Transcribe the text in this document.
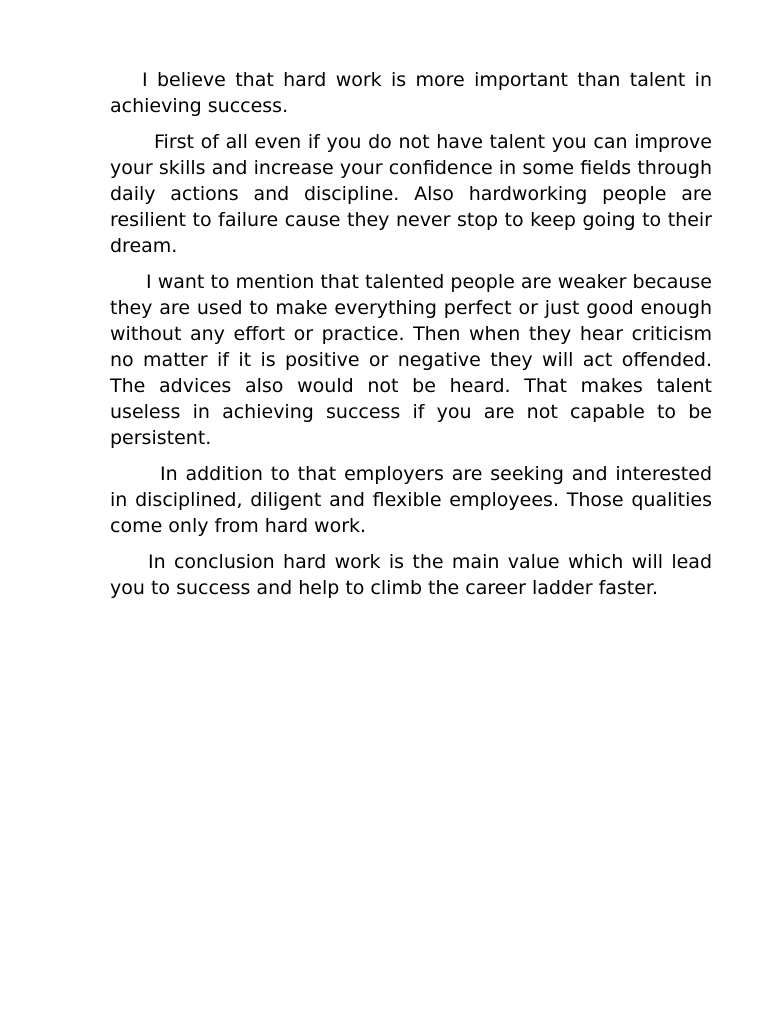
I believe that hard work is more important than talent in achieving success.

First of all even if you do not have talent you can improve your skills and increase your confidence in some fields through daily actions and discipline. Also hardworking people are resilient to failure cause they never stop to keep going to their dream.

I want to mention that talented people are weaker because they are used to make everything perfect or just good enough without any effort or practice. Then when they hear criticism no matter if it is positive or negative they will act offended. The advices also would not be heard. That makes talent useless in achieving success if you are not capable to be persistent.

In addition to that employers are seeking and interested in disciplined, diligent and flexible employees. Those qualities come only from hard work.

In conclusion hard work is the main value which will lead you to success and help to climb the career ladder faster.
